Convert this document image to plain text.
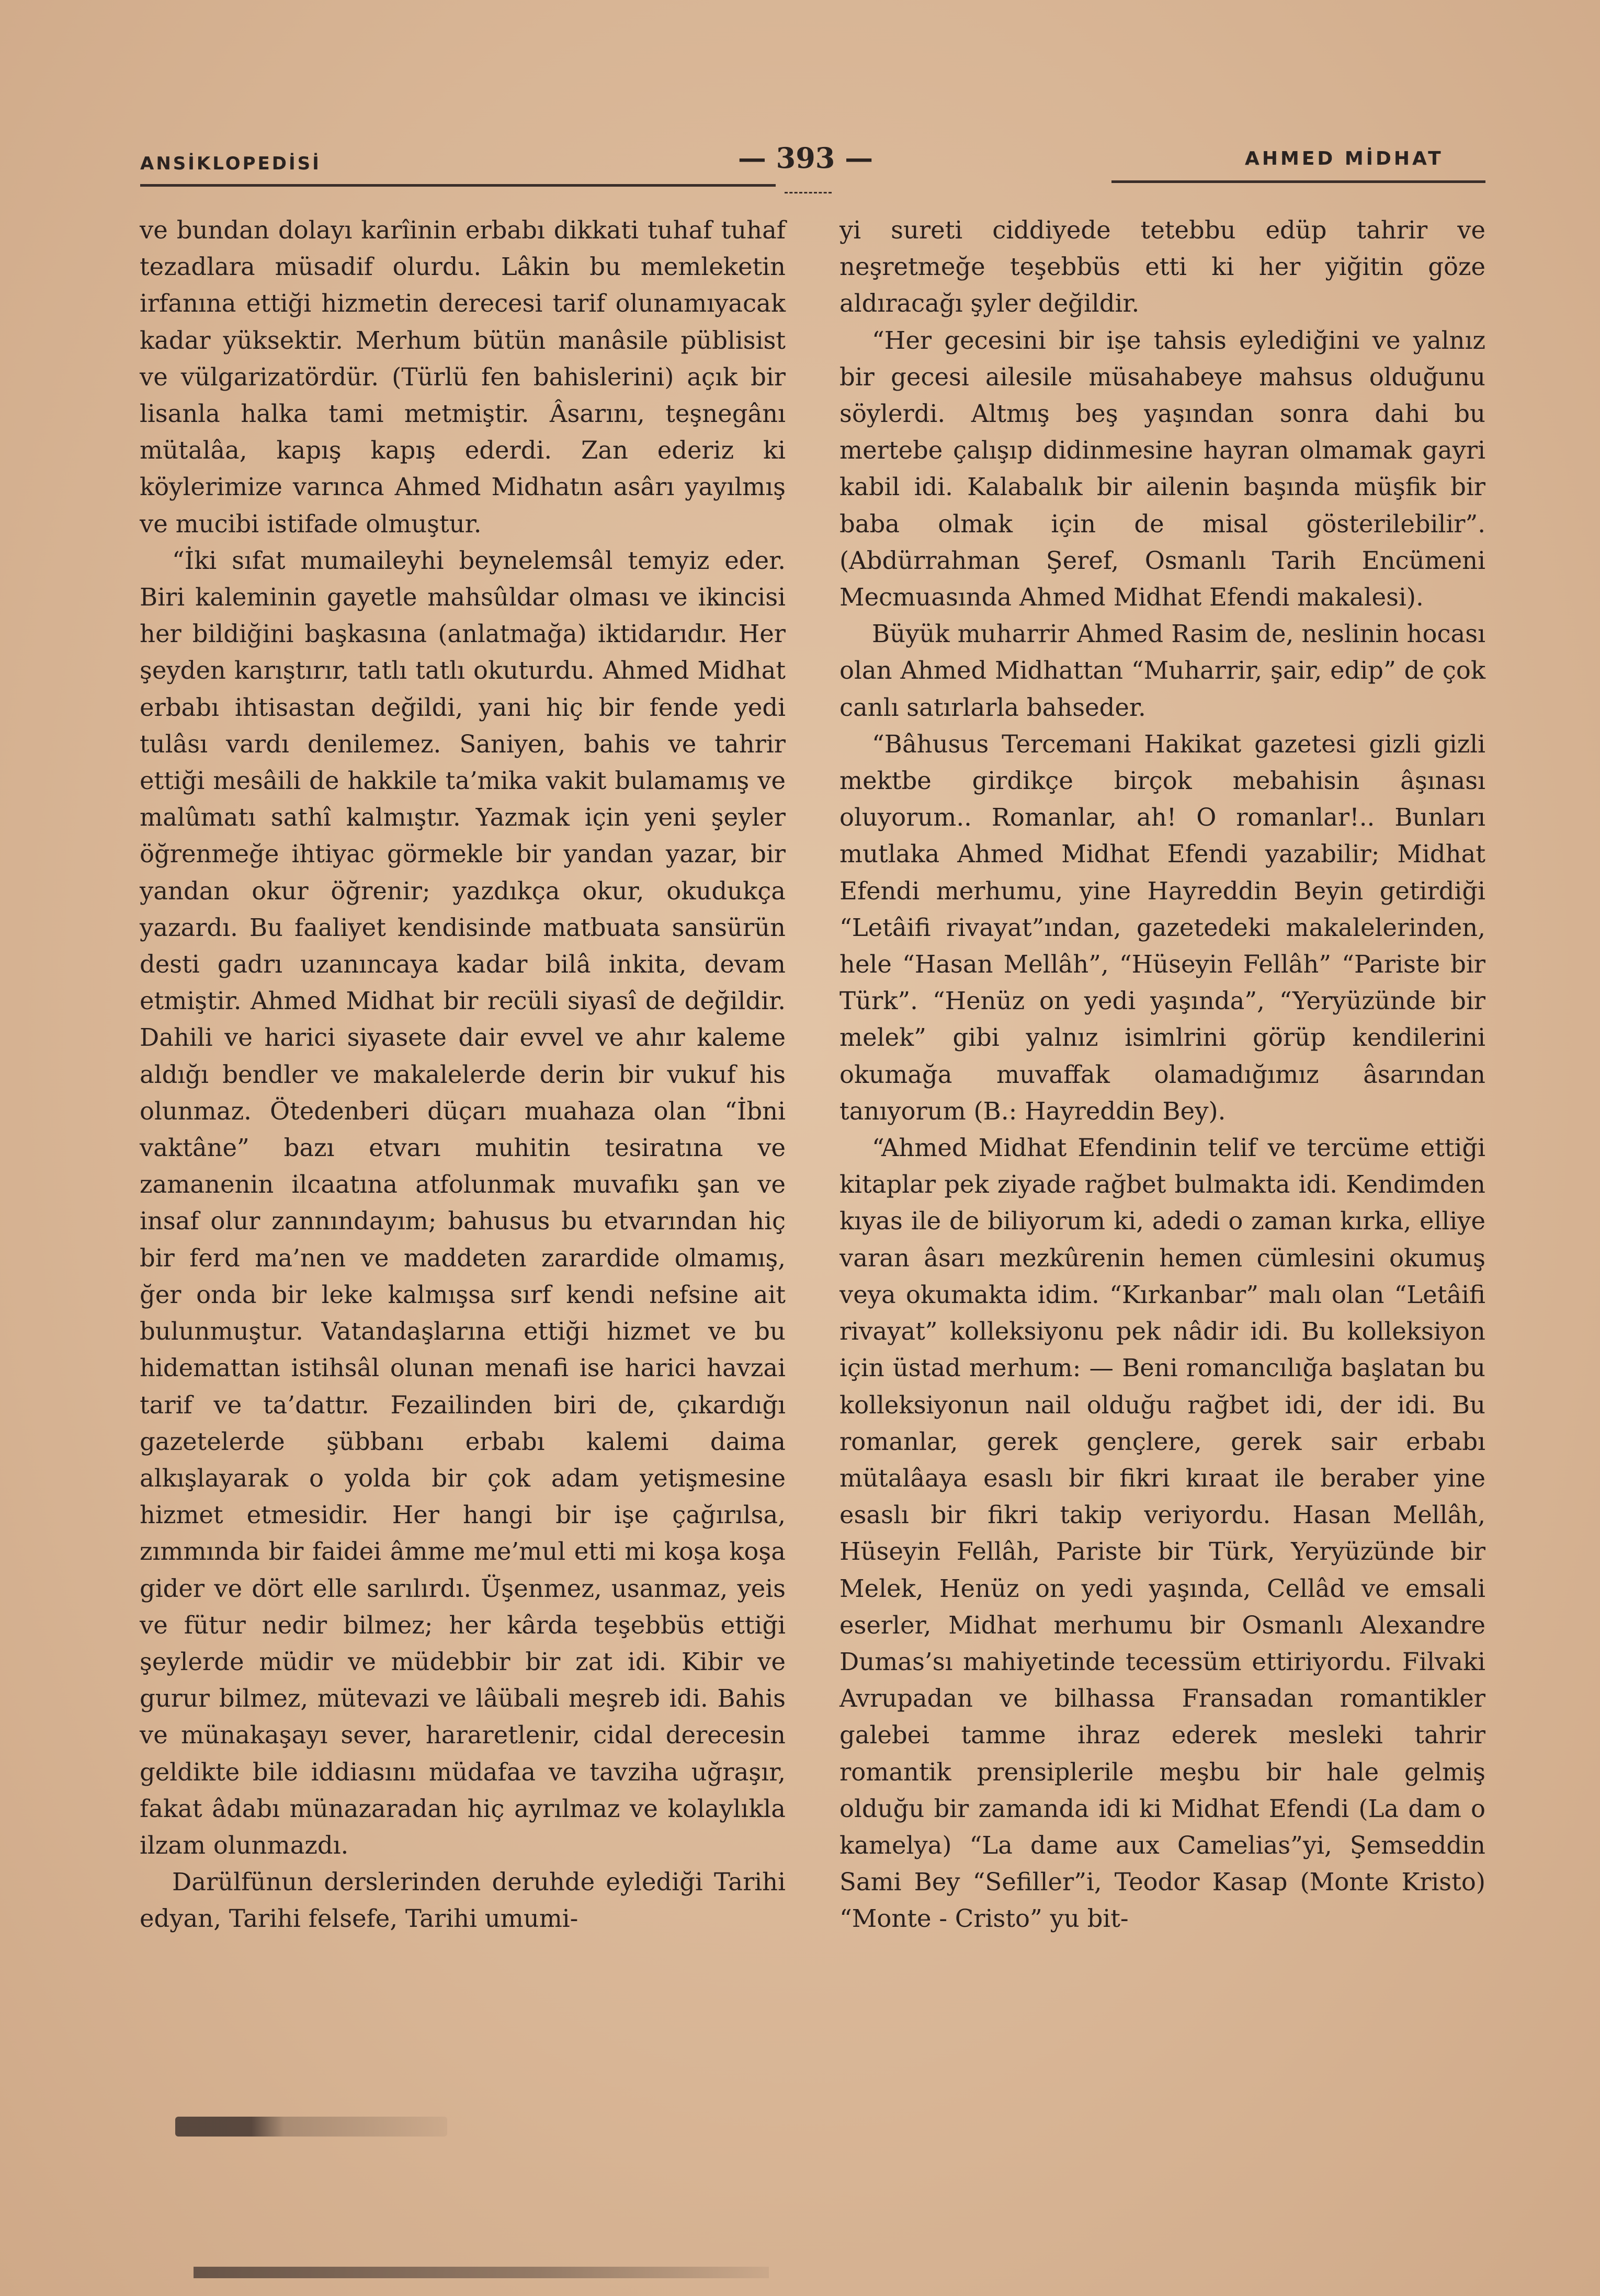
ANSİKLOPEDİSİ	— 393 —	AHMED MİDHAT

ve bundan dolayı karîinin erbabı dikkati tuhaf tuhaf tezadlara müsadif olurdu. Lâkin bu memleketin irfanına ettiği hizmetin derecesi tarif olunamıyacak kadar yüksektir. Merhum bütün manâsile püblisist ve vülgarizatördür. (Türlü fen bahislerini) açık bir lisanla halka tami metmiştir. Âsarını, teşnegânı mütalâa, kapış kapış ederdi. Zan ederiz ki köylerimize varınca Ahmed Midhatın asârı yayılmış ve mucibi istifade olmuştur.

“İki sıfat mumaileyhi beynelemsâl temyiz eder. Biri kaleminin gayetle mahsûldar olması ve ikincisi her bildiğini başkasına (anlatmağa) iktidarıdır. Her şeyden karıştırır, tatlı tatlı okuturdu. Ahmed Midhat erbabı ihtisastan değildi, yani hiç bir fende yedi tulâsı vardı denilemez. Saniyen, bahis ve tahrir ettiği mesâili de hakkile ta’mika vakit bulamamış ve malûmatı sathî kalmıştır. Yazmak için yeni şeyler öğrenmeğe ihtiyac görmekle bir yandan yazar, bir yandan okur öğrenir; yazdıkça okur, okudukça yazardı. Bu faaliyet kendisinde matbuata sansürün desti gadrı uzanıncaya kadar bilâ inkita, devam etmiştir. Ahmed Midhat bir recüli siyasî de değildir. Dahili ve harici siyasete dair evvel ve ahır kaleme aldığı bendler ve makalelerde derin bir vukuf his olunmaz. Ötedenberi düçarı muahaza olan “İbni vaktâne” bazı etvarı muhitin tesiratına ve zamanenin ilcaatına atfolunmak muvafıkı şan ve insaf olur zannındayım; bahusus bu etvarından hiç bir ferd ma’nen ve maddeten zarardide olmamış, ğer onda bir leke kalmışsa sırf kendi nefsine ait bulunmuştur. Vatandaşlarına ettiği hizmet ve bu hidemattan istihsâl olunan menafi ise harici havzai tarif ve ta’dattır. Fezailinden biri de, çıkardığı gazetelerde şübbanı erbabı kalemi daima alkışlayarak o yolda bir çok adam yetişmesine hizmet etmesidir. Her hangi bir işe çağırılsa, zımmında bir faidei âmme me’mul etti mi koşa koşa gider ve dört elle sarılırdı. Üşenmez, usanmaz, yeis ve fütur nedir bilmez; her kârda teşebbüs ettiği şeylerde müdir ve müdebbir bir zat idi. Kibir ve gurur bilmez, mütevazi ve lâübali meşreb idi. Bahis ve münakaşayı sever, hararetlenir, cidal derecesin geldikte bile iddiasını müdafaa ve tavziha uğraşır, fakat âdabı münazaradan hiç ayrılmaz ve kolaylıkla ilzam olunmazdı.

Darülfünun derslerinden deruhde eylediği Tarihi edyan, Tarihi felsefe, Tarihi umumi-

yi sureti ciddiyede tetebbu edüp tahrir ve neşretmeğe teşebbüs etti ki her yiğitin göze aldıracağı şyler değildir.

“Her gecesini bir işe tahsis eylediğini ve yalnız bir gecesi ailesile müsahabeye mahsus olduğunu söylerdi. Altmış beş yaşından sonra dahi bu mertebe çalışıp didinmesine hayran olmamak gayri kabil idi. Kalabalık bir ailenin başında müşfik bir baba olmak için de misal gösterilebilir”. (Abdürrahman Şeref, Osmanlı Tarih Encümeni Mecmuasında Ahmed Midhat Efendi makalesi).

Büyük muharrir Ahmed Rasim de, neslinin hocası olan Ahmed Midhattan “Muharrir, şair, edip” de çok canlı satırlarla bahseder.

“Bâhusus Tercemani Hakikat gazetesi gizli gizli mektbe girdikçe birçok mebahisin âşınası oluyorum.. Romanlar, ah! O romanlar!.. Bunları mutlaka Ahmed Midhat Efendi yazabilir; Midhat Efendi merhumu, yine Hayreddin Beyin getirdiği “Letâifi rivayat”ından, gazetedeki makalelerinden, hele “Hasan Mellâh”, “Hüseyin Fellâh” “Pariste bir Türk”. “Henüz on yedi yaşında”, “Yeryüzünde bir melek” gibi yalnız isimlrini görüp kendilerini okumağa muvaffak olamadığımız âsarından tanıyorum (B.: Hayreddin Bey).

“Ahmed Midhat Efendinin telif ve tercüme ettiği kitaplar pek ziyade rağbet bulmakta idi. Kendimden kıyas ile de biliyorum ki, adedi o zaman kırka, elliye varan âsarı mezkûrenin hemen cümlesini okumuş veya okumakta idim. “Kırkanbar” malı olan “Letâifi rivayat” kolleksiyonu pek nâdir idi. Bu kolleksiyon için üstad merhum: — Beni romancılığa başlatan bu kolleksiyonun nail olduğu rağbet idi, der idi. Bu romanlar, gerek gençlere, gerek sair erbabı mütalâaya esaslı bir fikri kıraat ile beraber yine esaslı bir fikri takip veriyordu. Hasan Mellâh, Hüseyin Fellâh, Pariste bir Türk, Yeryüzünde bir Melek, Henüz on yedi yaşında, Cellâd ve emsali eserler, Midhat merhumu bir Osmanlı Alexandre Dumas’sı mahiyetinde tecessüm ettiriyordu. Filvaki Avrupadan ve bilhassa Fransadan romantikler galebei tamme ihraz ederek mesleki tahrir romantik prensiplerile meşbu bir hale gelmiş olduğu bir zamanda idi ki Midhat Efendi (La dam o kamelya) “La dame aux Camelias”yi, Şemseddin Sami Bey “Sefiller”i, Teodor Kasap (Monte Kristo) “Monte - Cristo” yu bit-
